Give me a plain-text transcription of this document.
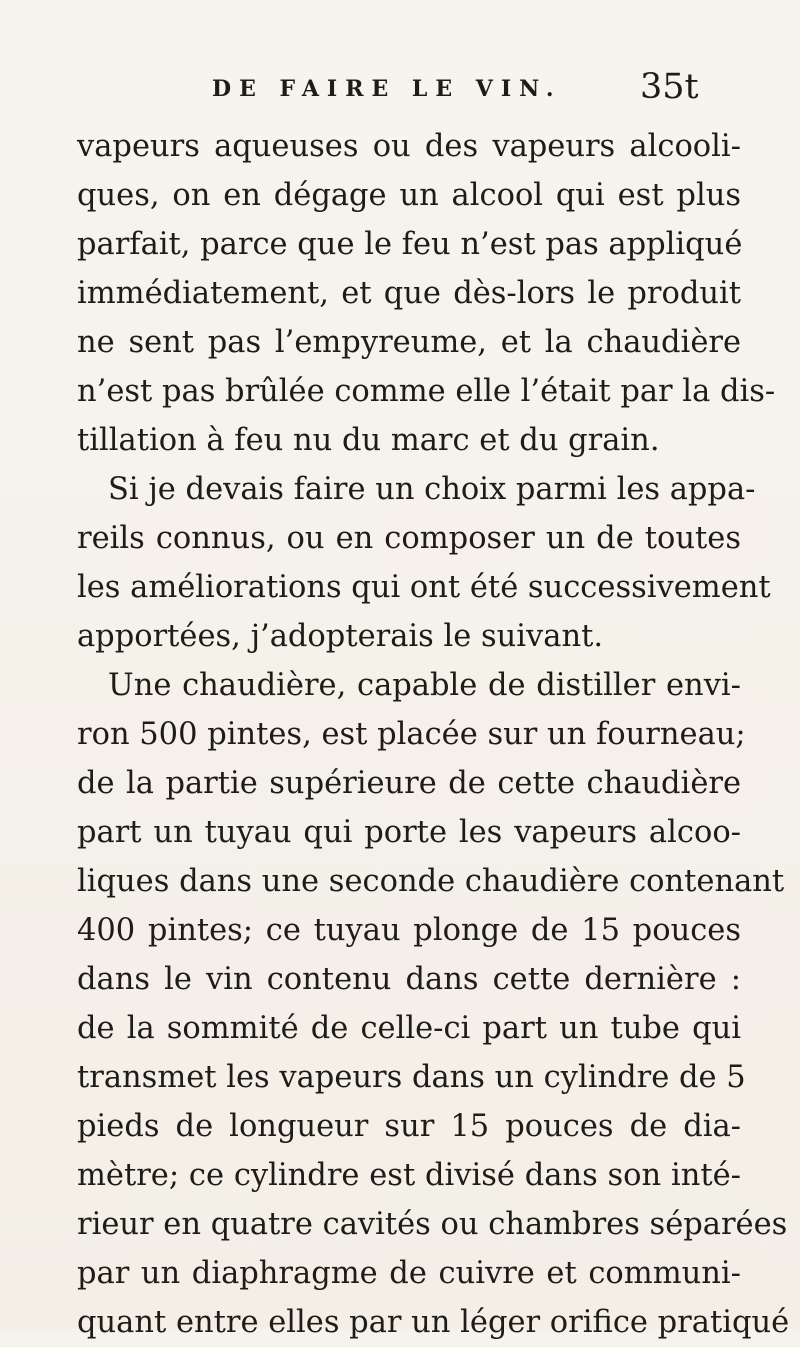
DE FAIRE LE VIN. 35t
vapeurs aqueuses ou des vapeurs alcooli-
ques, on en dégage un alcool qui est plus
parfait, parce que le feu n’est pas appliqué
immédiatement, et que dès-lors le produit
ne sent pas l’empyreume, et la chaudière
n’est pas brûlée comme elle l’était par la dis-
tillation à feu nu du marc et du grain.
Si je devais faire un choix parmi les appa-
reils connus, ou en composer un de toutes
les améliorations qui ont été successivement
apportées, j’adopterais le suivant.
Une chaudière, capable de distiller envi-
ron 500 pintes, est placée sur un fourneau;
de la partie supérieure de cette chaudière
part un tuyau qui porte les vapeurs alcoo-
liques dans une seconde chaudière contenant
400 pintes; ce tuyau plonge de 15 pouces
dans le vin contenu dans cette dernière :
de la sommité de celle-ci part un tube qui
transmet les vapeurs dans un cylindre de 5
pieds de longueur sur 15 pouces de dia-
mètre; ce cylindre est divisé dans son inté-
rieur en quatre cavités ou chambres séparées
par un diaphragme de cuivre et communi-
quant entre elles par un léger orifice pratiqué
